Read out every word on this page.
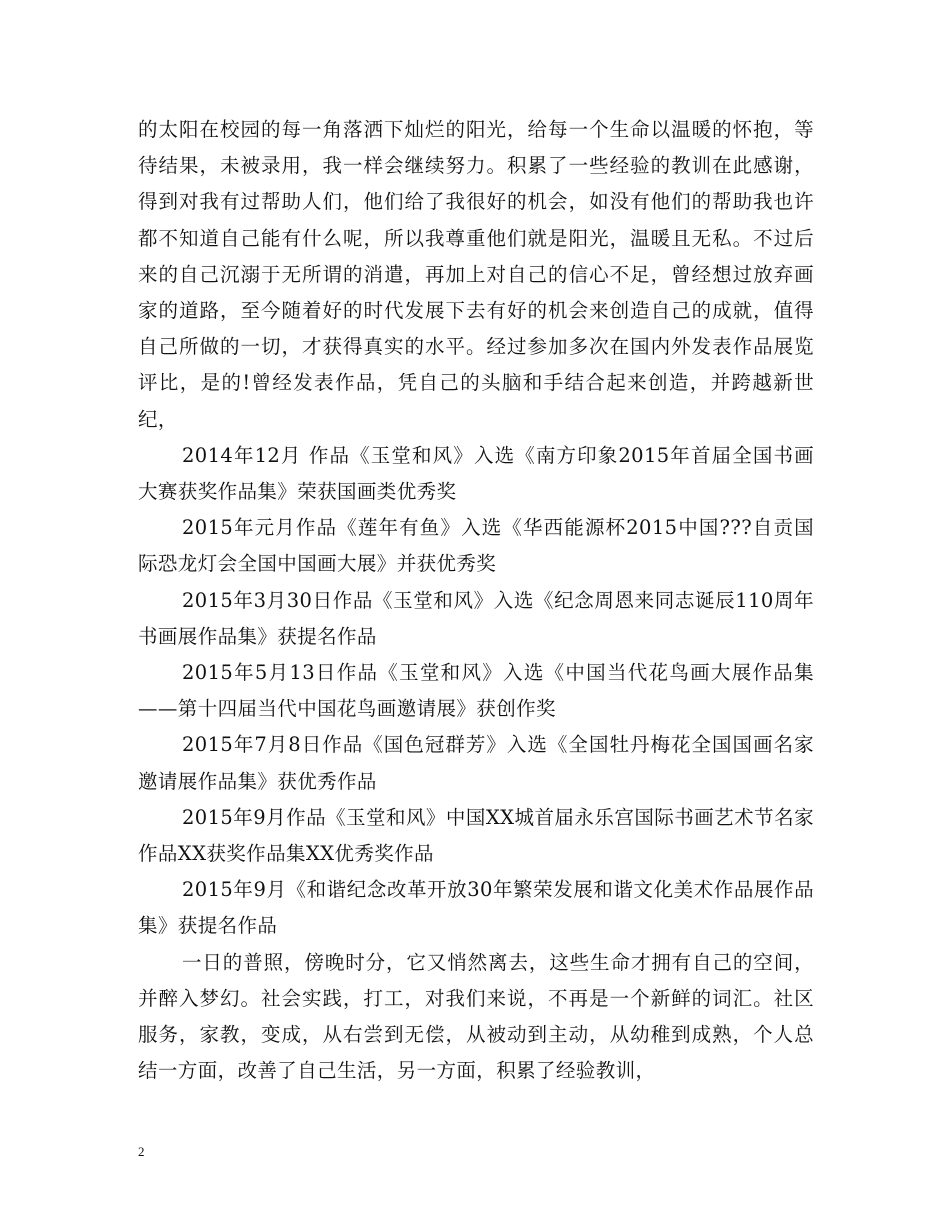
的太阳在校园的每一角落洒下灿烂的阳光，给每一个生命以温暖的怀抱，等待结果，未被录用，我一样会继续努力。积累了一些经验的教训在此感谢，得到对我有过帮助人们，他们给了我很好的机会，如没有他们的帮助我也许都不知道自己能有什么呢，所以我尊重他们就是阳光，温暖且无私。不过后来的自己沉溺于无所谓的消遣，再加上对自己的信心不足，曾经想过放弃画家的道路，至今随着好的时代发展下去有好的机会来创造自己的成就，值得自己所做的一切，才获得真实的水平。经过参加多次在国内外发表作品展览评比，是的!曾经发表作品，凭自己的头脑和手结合起来创造，并跨越新世纪，

2014年12月 作品《玉堂和风》入选《南方印象2015年首届全国书画大赛获奖作品集》荣获国画类优秀奖

2015年元月作品《莲年有鱼》入选《华西能源杯2015中国???自贡国际恐龙灯会全国中国画大展》并获优秀奖

2015年3月30日作品《玉堂和风》入选《纪念周恩来同志诞辰110周年书画展作品集》获提名作品

2015年5月13日作品《玉堂和风》入选《中国当代花鸟画大展作品集——第十四届当代中国花鸟画邀请展》获创作奖

2015年7月8日作品《国色冠群芳》入选《全国牡丹梅花全国国画名家邀请展作品集》获优秀作品

2015年9月作品《玉堂和风》中国XX城首届永乐宫国际书画艺术节名家作品XX获奖作品集XX优秀奖作品

2015年9月《和谐纪念改革开放30年繁荣发展和谐文化美术作品展作品集》获提名作品

一日的普照，傍晚时分，它又悄然离去，这些生命才拥有自己的空间，并醉入梦幻。社会实践，打工，对我们来说，不再是一个新鲜的词汇。社区服务，家教，变成，从右尝到无偿，从被动到主动，从幼稚到成熟，个人总结一方面，改善了自己生活，另一方面，积累了经验教训，

2
